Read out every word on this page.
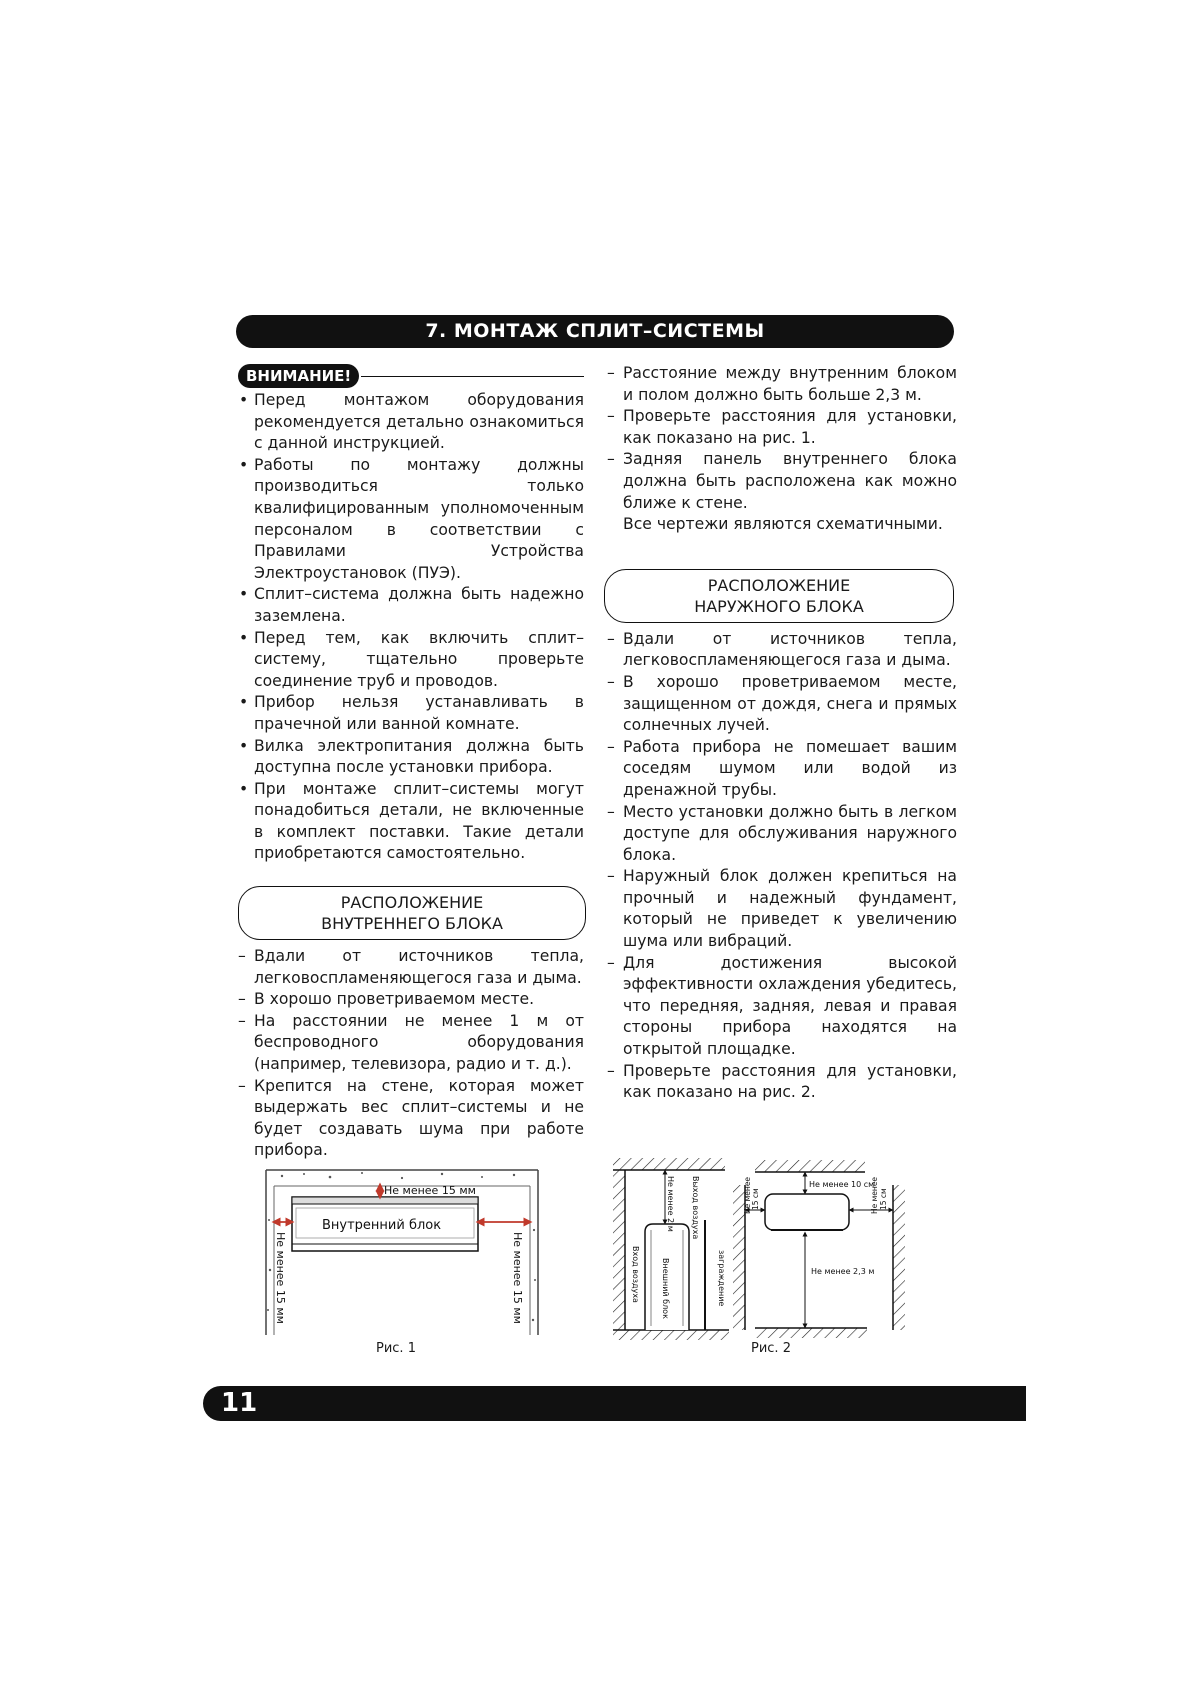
7. МОНТАЖ СПЛИТ–СИСТЕМЫ
ВНИМАНИЕ!
• Перед монтажом оборудования рекомендуется детально ознакомиться с данной инструкцией.
• Работы по монтажу должны производиться только квалифицированным уполномоченным персоналом в соответствии с Правилами Устройства Электроустановок (ПУЭ).
• Сплит–система должна быть надежно заземлена.
• Перед тем, как включить сплит–систему, тщательно проверьте соединение труб и проводов.
• Прибор нельзя устанавливать в прачечной или ванной комнате.
• Вилка электропитания должна быть доступна после установки прибора.
• При монтаже сплит–системы могут понадобиться детали, не включенные в комплект поставки. Такие детали приобретаются самостоятельно.
РАСПОЛОЖЕНИЕ
ВНУТРЕННЕГО БЛОКА
– Вдали от источников тепла, легковоспламеняющегося газа и дыма.
– В хорошо проветриваемом месте.
– На расстоянии не менее 1 м от беспроводного оборудования (например, телевизора, радио и т. д.).
– Крепится на стене, которая может выдержать вес сплит–системы и не будет создавать шума при работе прибора.
– Расстояние между внутренним блоком и полом должно быть больше 2,3 м.
– Проверьте расстояния для установки, как показано на рис. 1.
– Задняя панель внутреннего блока должна быть расположена как можно ближе к стене.
Все чертежи являются схематичными.
РАСПОЛОЖЕНИЕ
НАРУЖНОГО БЛОКА
– Вдали от источников тепла, легковоспламеняющегося газа и дыма.
– В хорошо проветриваемом месте, защищенном от дождя, снега и прямых солнечных лучей.
– Работа прибора не помешает вашим соседям шумом или водой из дренажной трубы.
– Место установки должно быть в легком доступе для обслуживания наружного блока.
– Наружный блок должен крепиться на прочный и надежный фундамент, который не приведет к увеличению шума или вибраций.
– Для достижения высокой эффективности охлаждения убедитесь, что передняя, задняя, левая и правая стороны прибора находятся на открытой площадке.
– Проверьте расстояния для установки, как показано на рис. 2.
Внутренний блок
Не менее 15 мм
Не менее 15 мм	Не менее 15 мм
Рис. 1
Вход воздуха
Не менее 2 м Выход воздуха
Внешний блок	заграждение
Не менее 10 см
Не менее 15 см	Не менее 15 см
Не менее 2,3 м
Рис. 2
11
